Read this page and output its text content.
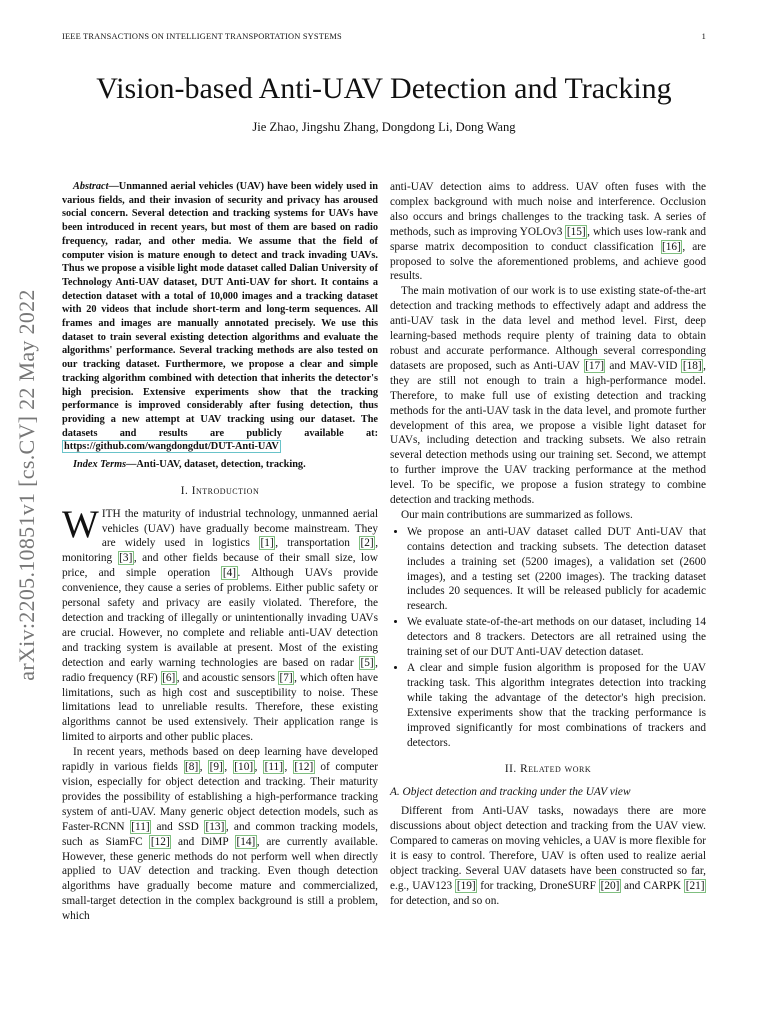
IEEE TRANSACTIONS ON INTELLIGENT TRANSPORTATION SYSTEMS	1
arXiv:2205.10851v1 [cs.CV] 22 May 2022
Vision-based Anti-UAV Detection and Tracking
Jie Zhao, Jingshu Zhang, Dongdong Li, Dong Wang

Abstract—Unmanned aerial vehicles (UAV) have been widely used in various fields, and their invasion of security and privacy has aroused social concern. Several detection and tracking systems for UAVs have been introduced in recent years, but most of them are based on radio frequency, radar, and other media. We assume that the field of computer vision is mature enough to detect and track invading UAVs. Thus we propose a visible light mode dataset called Dalian University of Technology Anti-UAV dataset, DUT Anti-UAV for short. It contains a detection dataset with a total of 10,000 images and a tracking dataset with 20 videos that include short-term and long-term sequences. All frames and images are manually annotated precisely. We use this dataset to train several existing detection algorithms and evaluate the algorithms' performance. Several tracking methods are also tested on our tracking dataset. Furthermore, we propose a clear and simple tracking algorithm combined with detection that inherits the detector's high precision. Extensive experiments show that the tracking performance is improved considerably after fusing detection, thus providing a new attempt at UAV tracking using our dataset. The datasets and results are publicly available at: https://github.com/wangdongdut/DUT-Anti-UAV

Index Terms—Anti-UAV, dataset, detection, tracking.

I. Introduction

WITH the maturity of industrial technology, unmanned aerial vehicles (UAV) have gradually become mainstream. They are widely used in logistics [1] , transportation [2] , monitoring [3] , and other fields because of their small size, low price, and simple operation [4] . Although UAVs provide convenience, they cause a series of problems. Either public safety or personal safety and privacy are easily violated. Therefore, the detection and tracking of illegally or unintentionally invading UAVs are crucial. However, no complete and reliable anti-UAV detection and tracking system is available at present. Most of the existing detection and early warning technologies are based on radar [5] , radio frequency (RF) [6] , and acoustic sensors [7] , which often have limitations, such as high cost and susceptibility to noise. These limitations lead to unreliable results. Therefore, these existing algorithms cannot be used extensively. Their application range is limited to airports and other public places.

In recent years, methods based on deep learning have developed rapidly in various fields [8] , [9] , [10] , [11] , [12] of computer vision, especially for object detection and tracking. Their maturity provides the possibility of establishing a high-performance tracking system of anti-UAV. Many generic object detection models, such as Faster-RCNN [11] and SSD [13] , and common tracking models, such as SiamFC [12] and DiMP [14] , are currently available. However, these generic methods do not perform well when directly applied to UAV detection and tracking. Even though detection algorithms have gradually become mature and commercialized, small-target detection in the complex background is still a problem, which

anti-UAV detection aims to address. UAV often fuses with the complex background with much noise and interference. Occlusion also occurs and brings challenges to the tracking task. A series of methods, such as improving YOLOv3 [15] , which uses low-rank and sparse matrix decomposition to conduct classification [16] , are proposed to solve the aforementioned problems, and achieve good results.

The main motivation of our work is to use existing state-of-the-art detection and tracking methods to effectively adapt and address the anti-UAV task in the data level and method level. First, deep learning-based methods require plenty of training data to obtain robust and accurate performance. Although several corresponding datasets are proposed, such as Anti-UAV [17] and MAV-VID [18] , they are still not enough to train a high-performance model. Therefore, to make full use of existing detection and tracking methods for the anti-UAV task in the data level, and promote further development of this area, we propose a visible light dataset for UAVs, including detection and tracking subsets. We also retrain several detection methods using our training set. Second, we attempt to further improve the UAV tracking performance at the method level. To be specific, we propose a fusion strategy to combine detection and tracking methods.

Our main contributions are summarized as follows.

• We propose an anti-UAV dataset called DUT Anti-UAV that contains detection and tracking subsets. The detection dataset includes a training set (5200 images), a validation set (2600 images), and a testing set (2200 images). The tracking dataset includes 20 sequences. It will be released publicly for academic research.
• We evaluate state-of-the-art methods on our dataset, including 14 detectors and 8 trackers. Detectors are all retrained using the training set of our DUT Anti-UAV detection dataset.
• A clear and simple fusion algorithm is proposed for the UAV tracking task. This algorithm integrates detection into tracking while taking the advantage of the detector's high precision. Extensive experiments show that the tracking performance is improved significantly for most combinations of trackers and detectors.
II. Related work
A. Object detection and tracking under the UAV view

Different from Anti-UAV tasks, nowadays there are more discussions about object detection and tracking from the UAV view. Compared to cameras on moving vehicles, a UAV is more flexible for it is easy to control. Therefore, UAV is often used to realize aerial object tracking. Several UAV datasets have been constructed so far, e.g., UAV123 [19] for tracking, DroneSURF [20] and CARPK [21] for detection, and so on.
